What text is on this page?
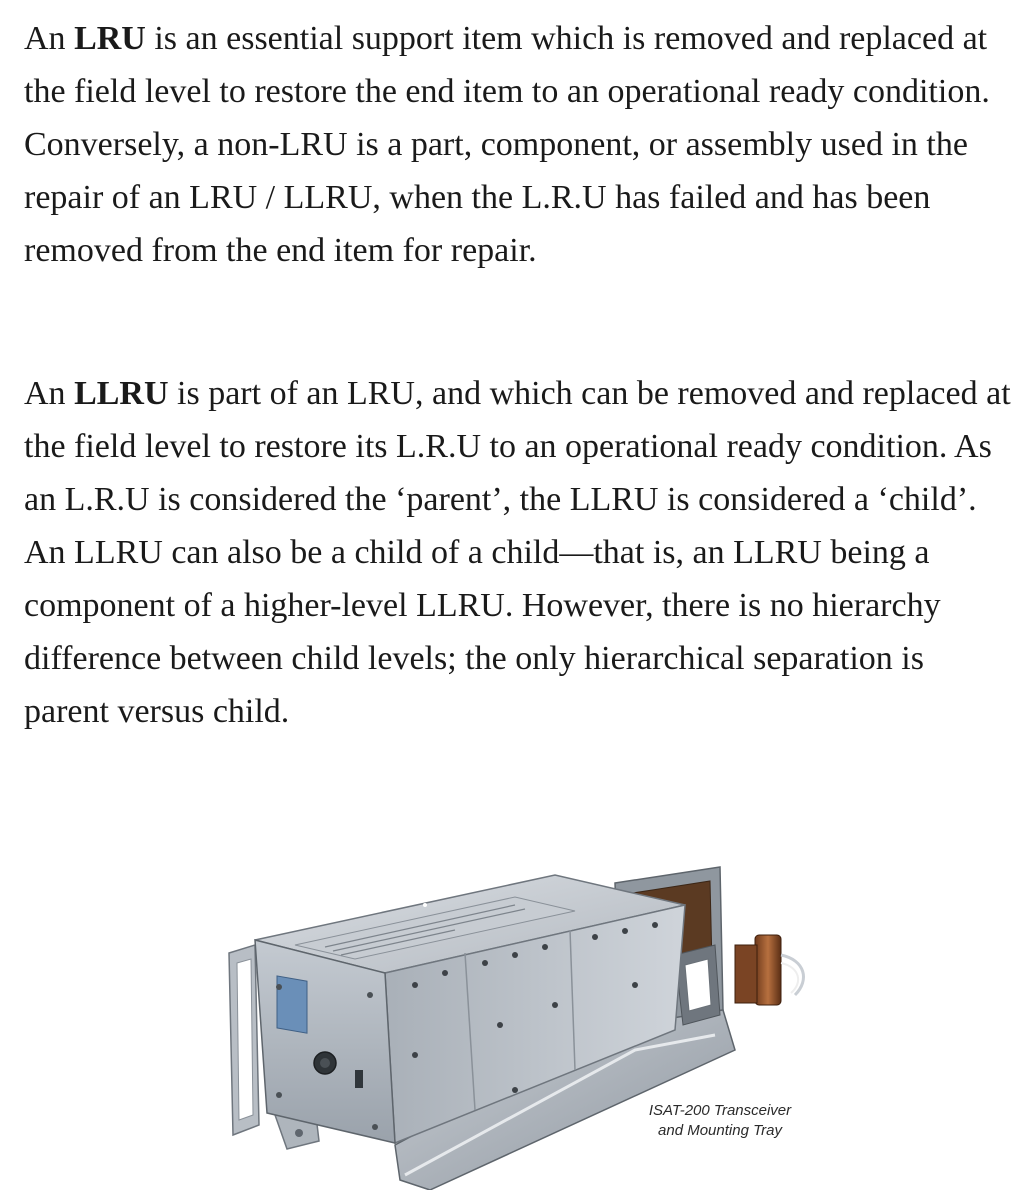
An LRU is an essential support item which is removed and replaced at the field level to restore the end item to an operational ready condition. Conversely, a non-LRU is a part, component, or assembly used in the repair of an LRU / LLRU, when the L.R.U has failed and has been removed from the end item for repair.

An LLRU is part of an LRU, and which can be removed and replaced at the field level to restore its L.R.U to an operational ready condition. As an L.R.U is considered the ‘parent’, the LLRU is considered a ‘child’. An LLRU can also be a child of a child—that is, an LLRU being a component of a higher-level LLRU. However, there is no hierarchy difference between child levels; the only hierarchical separation is parent versus child.

ISAT-200 Transceiver
and Mounting Tray
